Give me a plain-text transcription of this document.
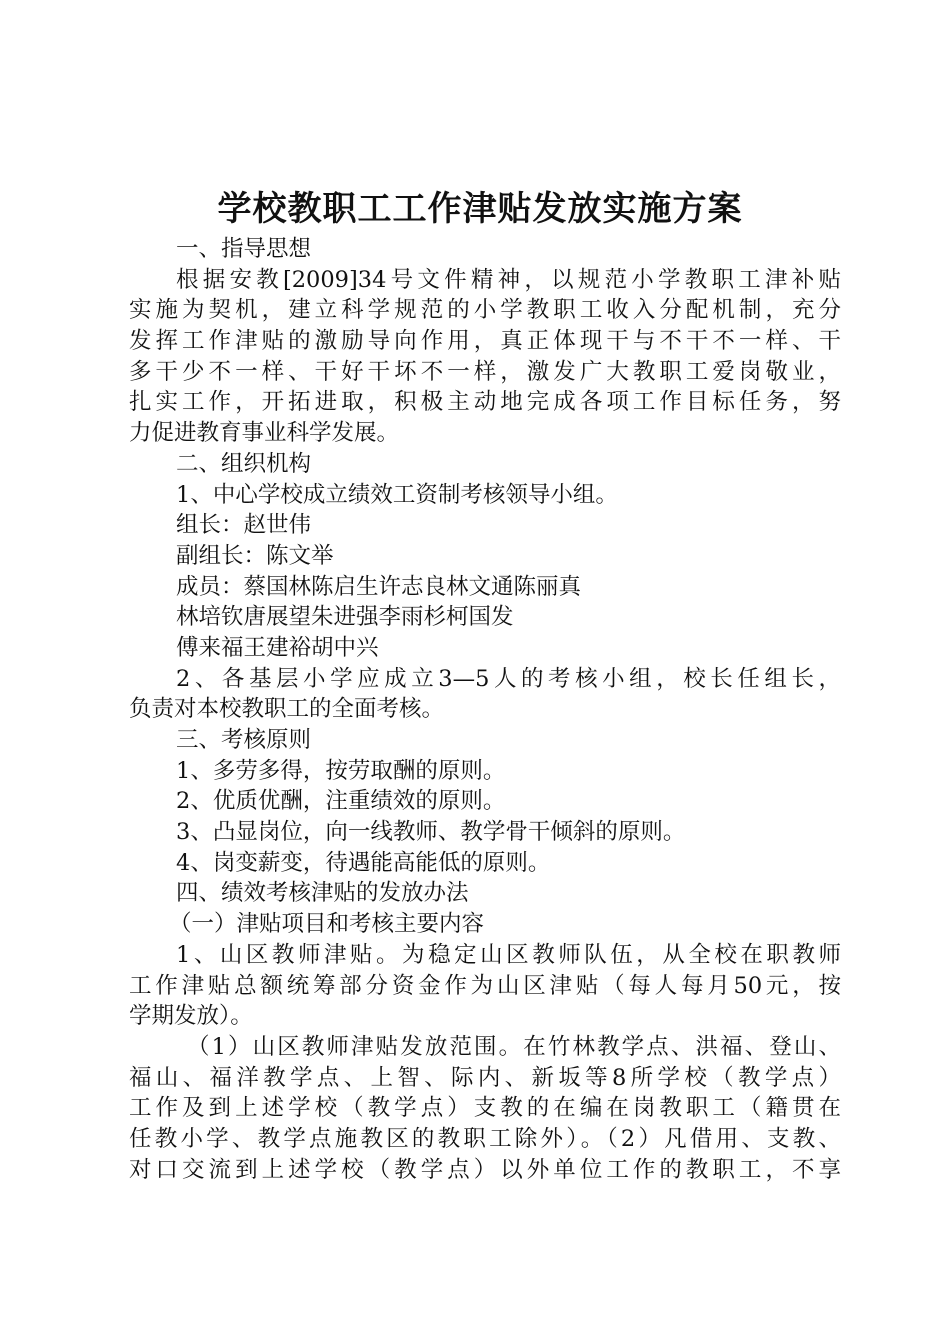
学校教职工工作津贴发放实施方案
一、指导思想
根据安教[2009]34号文件精神，以规范小学教职工津补贴
实施为契机，建立科学规范的小学教职工收入分配机制，充分
发挥工作津贴的激励导向作用，真正体现干与不干不一样、干
多干少不一样、干好干坏不一样，激发广大教职工爱岗敬业，
扎实工作，开拓进取，积极主动地完成各项工作目标任务，努
力促进教育事业科学发展。
二、组织机构
1、中心学校成立绩效工资制考核领导小组。
组长：赵世伟
副组长：陈文举
成员：蔡国林陈启生许志良林文通陈丽真
林培钦唐展望朱进强李雨杉柯国发
傅来福王建裕胡中兴
2、各基层小学应成立3—5人的考核小组，校长任组长，
负责对本校教职工的全面考核。
三、考核原则
1、多劳多得，按劳取酬的原则。
2、优质优酬，注重绩效的原则。
3、凸显岗位，向一线教师、教学骨干倾斜的原则。
4、岗变薪变，待遇能高能低的原则。
四、绩效考核津贴的发放办法
（一）津贴项目和考核主要内容
1、山区教师津贴。为稳定山区教师队伍，从全校在职教师
工作津贴总额统筹部分资金作为山区津贴（每人每月50元，按
学期发放）。
（1）山区教师津贴发放范围。在竹林教学点、洪福、登山、
福山、福洋教学点、上智、际内、新坂等8所学校（教学点）
工作及到上述学校（教学点）支教的在编在岗教职工（籍贯在
任教小学、教学点施教区的教职工除外）。（2）凡借用、支教、
对口交流到上述学校（教学点）以外单位工作的教职工，不享
